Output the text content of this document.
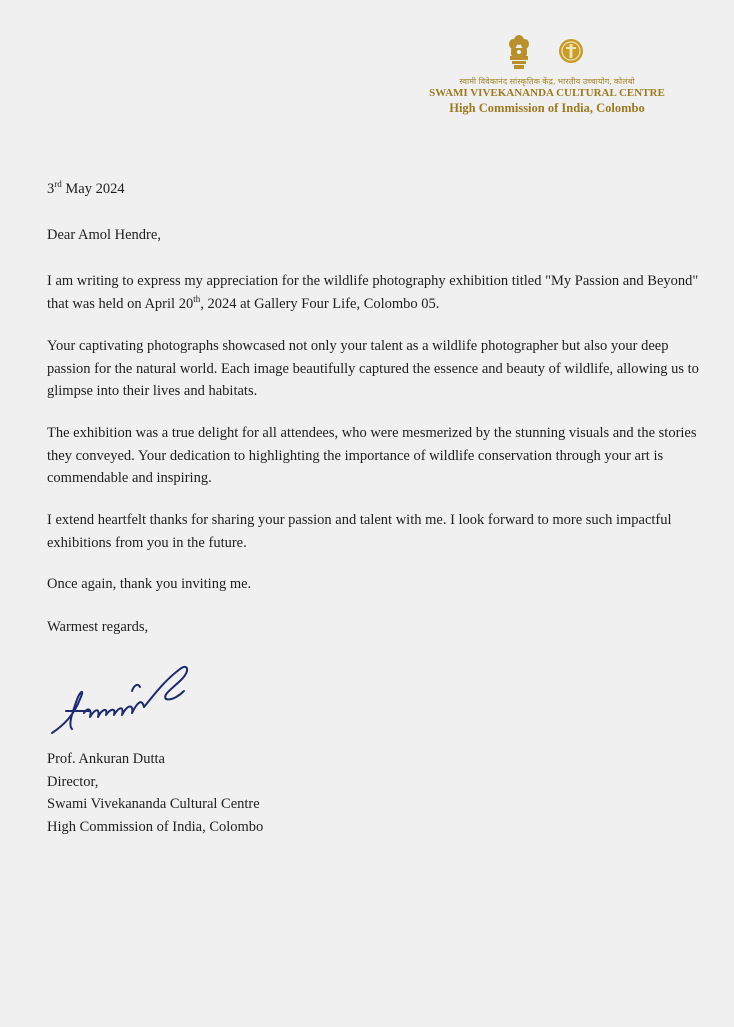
स्वामी विवेकानंद सांस्कृतिक केंद्र, भारतीय उच्चायोग, कोलंबो
SWAMI VIVEKANANDA CULTURAL CENTRE
High Commission of India, Colombo
3rd May 2024
Dear Amol Hendre,

I am writing to express my appreciation for the wildlife photography exhibition titled "My Passion and Beyond" that was held on April 20th, 2024 at Gallery Four Life, Colombo 05.

Your captivating photographs showcased not only your talent as a wildlife photographer but also your deep passion for the natural world. Each image beautifully captured the essence and beauty of wildlife, allowing us to glimpse into their lives and habitats.

The exhibition was a true delight for all attendees, who were mesmerized by the stunning visuals and the stories they conveyed. Your dedication to highlighting the importance of wildlife conservation through your art is commendable and inspiring.

I extend heartfelt thanks for sharing your passion and talent with me. I look forward to more such impactful exhibitions from you in the future.

Once again, thank you inviting me.

Warmest regards,

Prof. Ankuran Dutta
Director,
Swami Vivekananda Cultural Centre
High Commission of India, Colombo
